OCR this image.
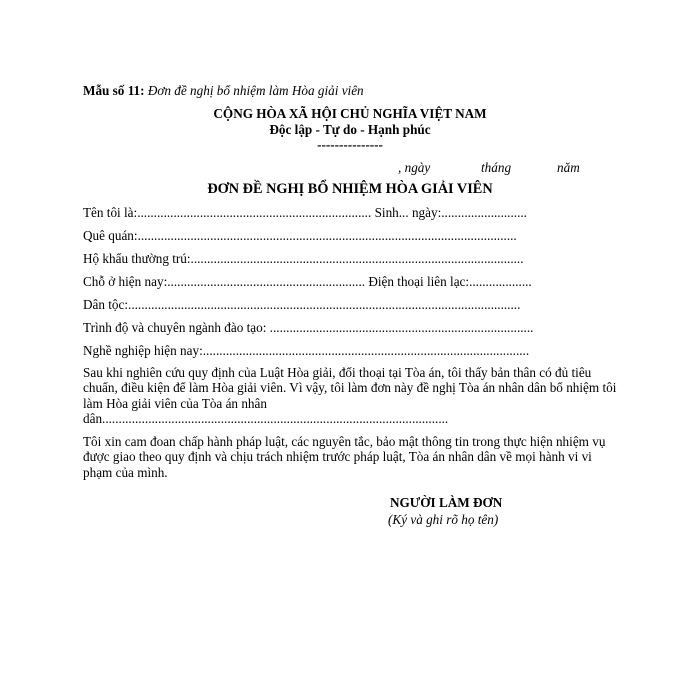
Mẫu số 11: Đơn đề nghị bổ nhiệm làm Hòa giải viên
CỘNG HÒA XÃ HỘI CHỦ NGHĨA VIỆT NAM
Độc lập - Tự do - Hạnh phúc
---------------
, ngày	tháng	năm
ĐƠN ĐỀ NGHỊ BỔ NHIỆM HÒA GIẢI VIÊN
Tên tôi là:....................................................................... Sinh... ngày:..........................
Quê quán:...................................................................................................................
Hộ khẩu thường trú:.....................................................................................................
Chỗ ở hiện nay:............................................................ Điện thoại liên lạc:...................
Dân tộc:.......................................................................................................................
Trình độ và chuyên ngành đào tạo: ................................................................................
Nghề nghiệp hiện nay:...................................................................................................
Sau khi nghiên cứu quy định của Luật Hòa giải, đối thoại tại Tòa án, tôi thấy bản thân có đủ tiêu chuẩn, điều kiện để làm Hòa giải viên. Vì vậy, tôi làm đơn này đề nghị Tòa án nhân dân bổ nhiệm tôi làm Hòa giải viên của Tòa án nhân dân.........................................................................................................
Tôi xin cam đoan chấp hành pháp luật, các nguyên tắc, bảo mật thông tin trong thực hiện nhiệm vụ được giao theo quy định và chịu trách nhiệm trước pháp luật, Tòa án nhân dân về mọi hành vi vi phạm của mình.
NGƯỜI LÀM ĐƠN
(Ký và ghi rõ họ tên)
